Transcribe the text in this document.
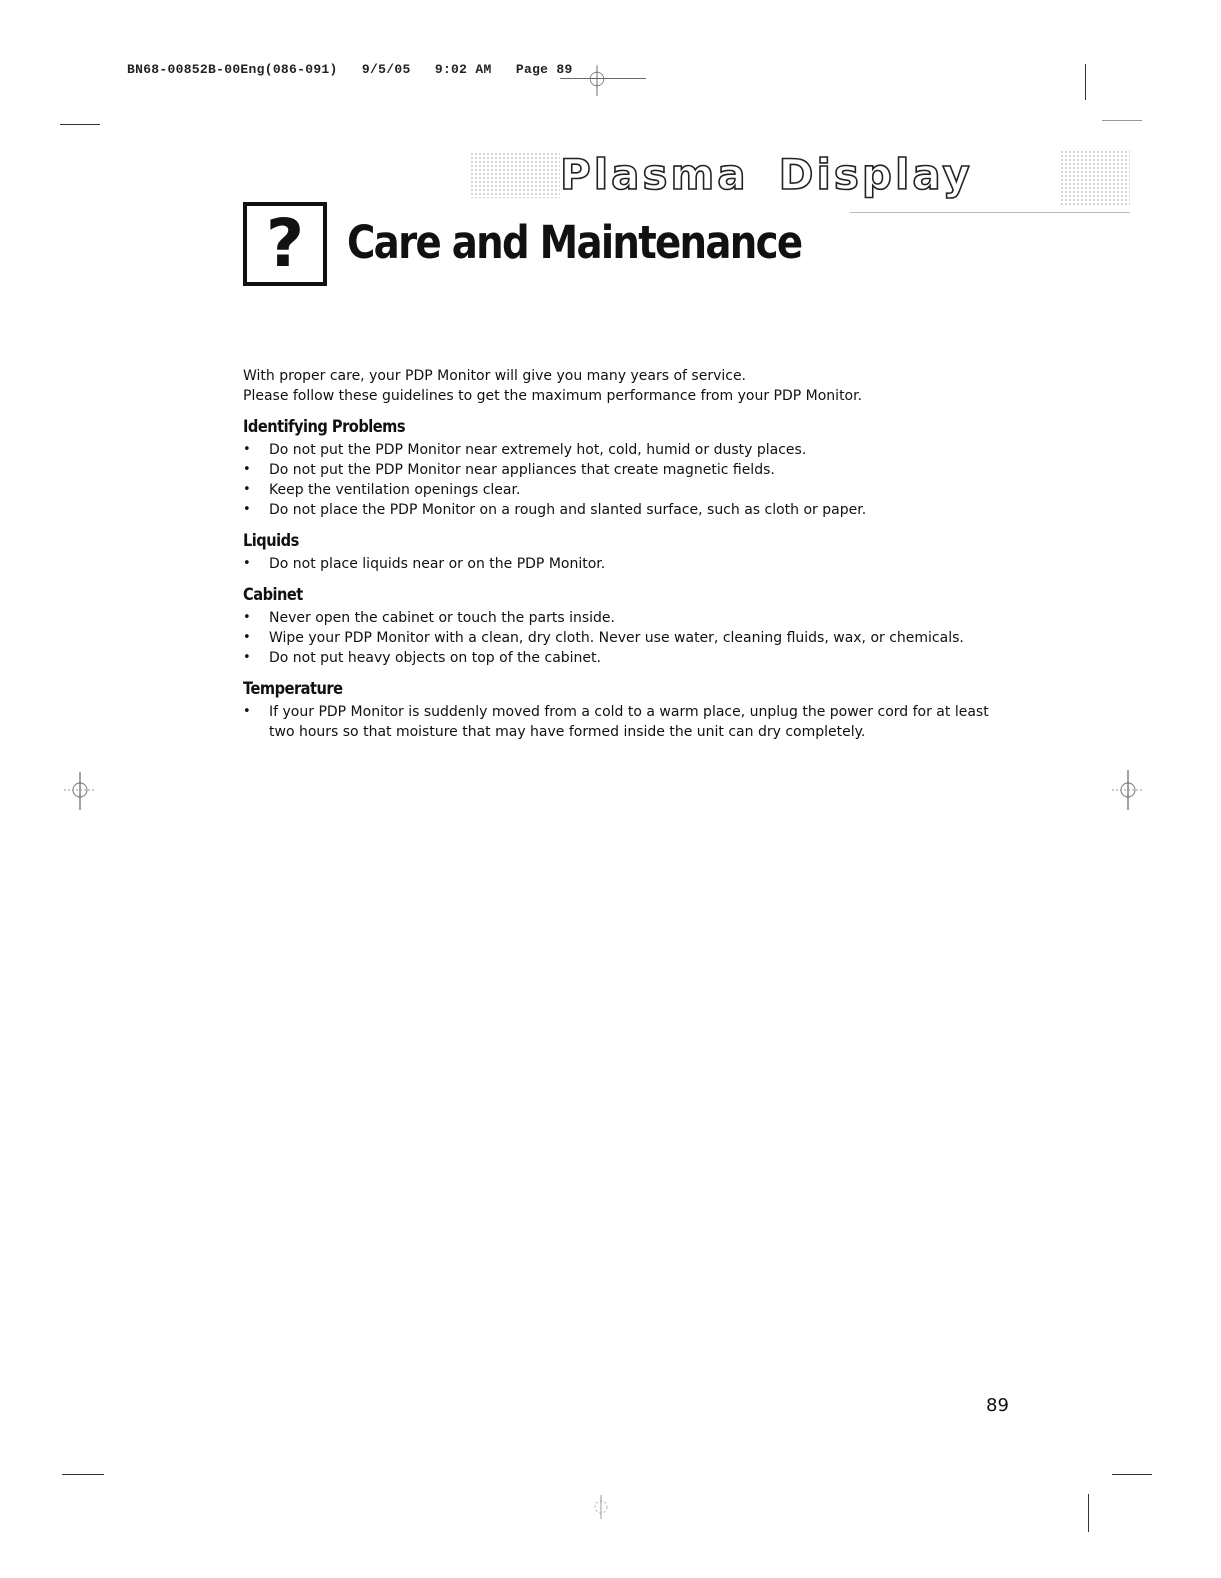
BN68-00852B-00Eng(086-091)   9/5/05   9:02 AM   Page 89
Plasma Display
? Care and Maintenance

With proper care, your PDP Monitor will give you many years of service.

Please follow these guidelines to get the maximum performance from your PDP Monitor.

Identifying Problems
• Do not put the PDP Monitor near extremely hot, cold, humid or dusty places.
• Do not put the PDP Monitor near appliances that create magnetic fields.
• Keep the ventilation openings clear.
• Do not place the PDP Monitor on a rough and slanted surface, such as cloth or paper.
Liquids
• Do not place liquids near or on the PDP Monitor.
Cabinet
• Never open the cabinet or touch the parts inside.
• Wipe your PDP Monitor with a clean, dry cloth. Never use water, cleaning fluids, wax, or chemicals.
• Do not put heavy objects on top of the cabinet.
Temperature
• If your PDP Monitor is suddenly moved from a cold to a warm place, unplug the power cord for at least two hours so that moisture that may have formed inside the unit can dry completely.
89
